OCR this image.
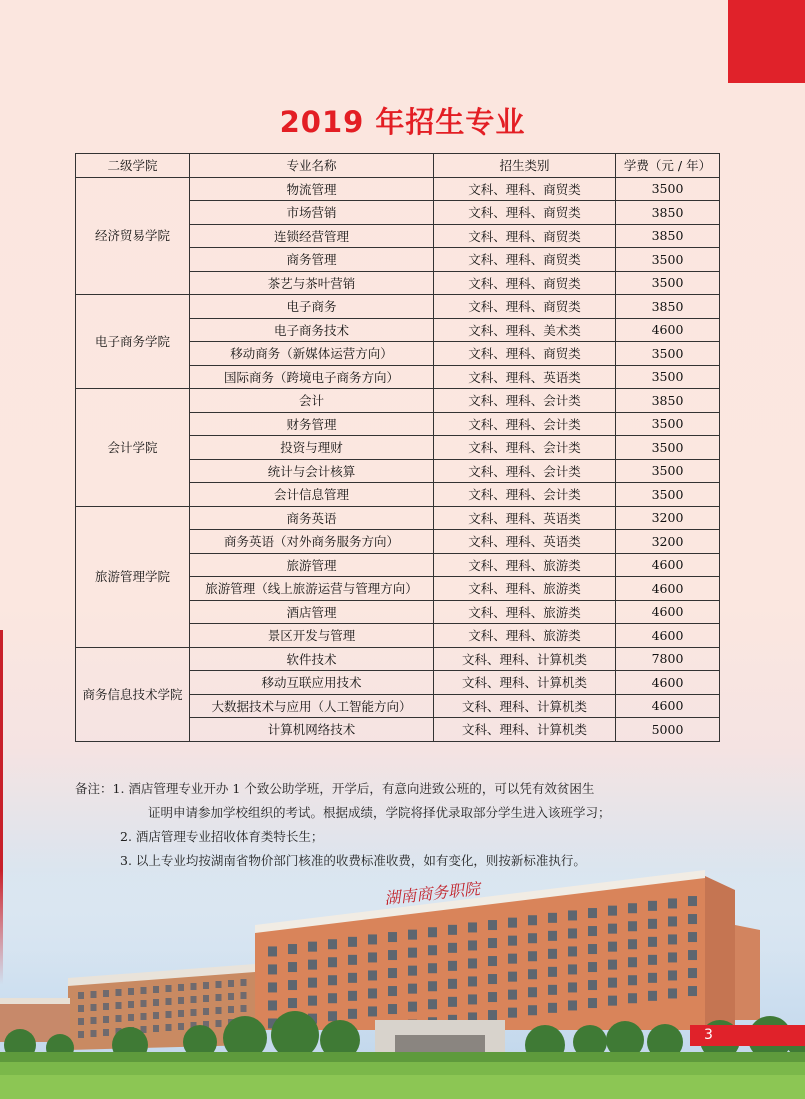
2019 年招生专业
二级学院	专业名称	招生类别	学费（元 / 年）
经济贸易学院	物流管理	文科、理科、商贸类	3500
	市场营销	文科、理科、商贸类	3850
	连锁经营管理	文科、理科、商贸类	3850
	商务管理	文科、理科、商贸类	3500
	茶艺与茶叶营销	文科、理科、商贸类	3500
电子商务学院	电子商务	文科、理科、商贸类	3850
	电子商务技术	文科、理科、美术类	4600
	移动商务（新媒体运营方向）	文科、理科、商贸类	3500
	国际商务（跨境电子商务方向）	文科、理科、英语类	3500
会计学院	会计	文科、理科、会计类	3850
	财务管理	文科、理科、会计类	3500
	投资与理财	文科、理科、会计类	3500
	统计与会计核算	文科、理科、会计类	3500
	会计信息管理	文科、理科、会计类	3500
旅游管理学院	商务英语	文科、理科、英语类	3200
	商务英语（对外商务服务方向）	文科、理科、英语类	3200
	旅游管理	文科、理科、旅游类	4600
	旅游管理（线上旅游运营与管理方向）	文科、理科、旅游类	4600
	酒店管理	文科、理科、旅游类	4600
	景区开发与管理	文科、理科、旅游类	4600
商务信息技术学院	软件技术	文科、理科、计算机类	7800
	移动互联应用技术	文科、理科、计算机类	4600
	大数据技术与应用（人工智能方向）	文科、理科、计算机类	4600
	计算机网络技术	文科、理科、计算机类	5000
备注：1. 酒店管理专业开办 1 个致公助学班，开学后，有意向进致公班的，可以凭有效贫困生
证明申请参加学校组织的考试。根据成绩，学院将择优录取部分学生进入该班学习；
2. 酒店管理专业招收体育类特长生；
3. 以上专业均按湖南省物价部门核准的收费标准收费，如有变化，则按新标准执行。
湖南商务职院
3
